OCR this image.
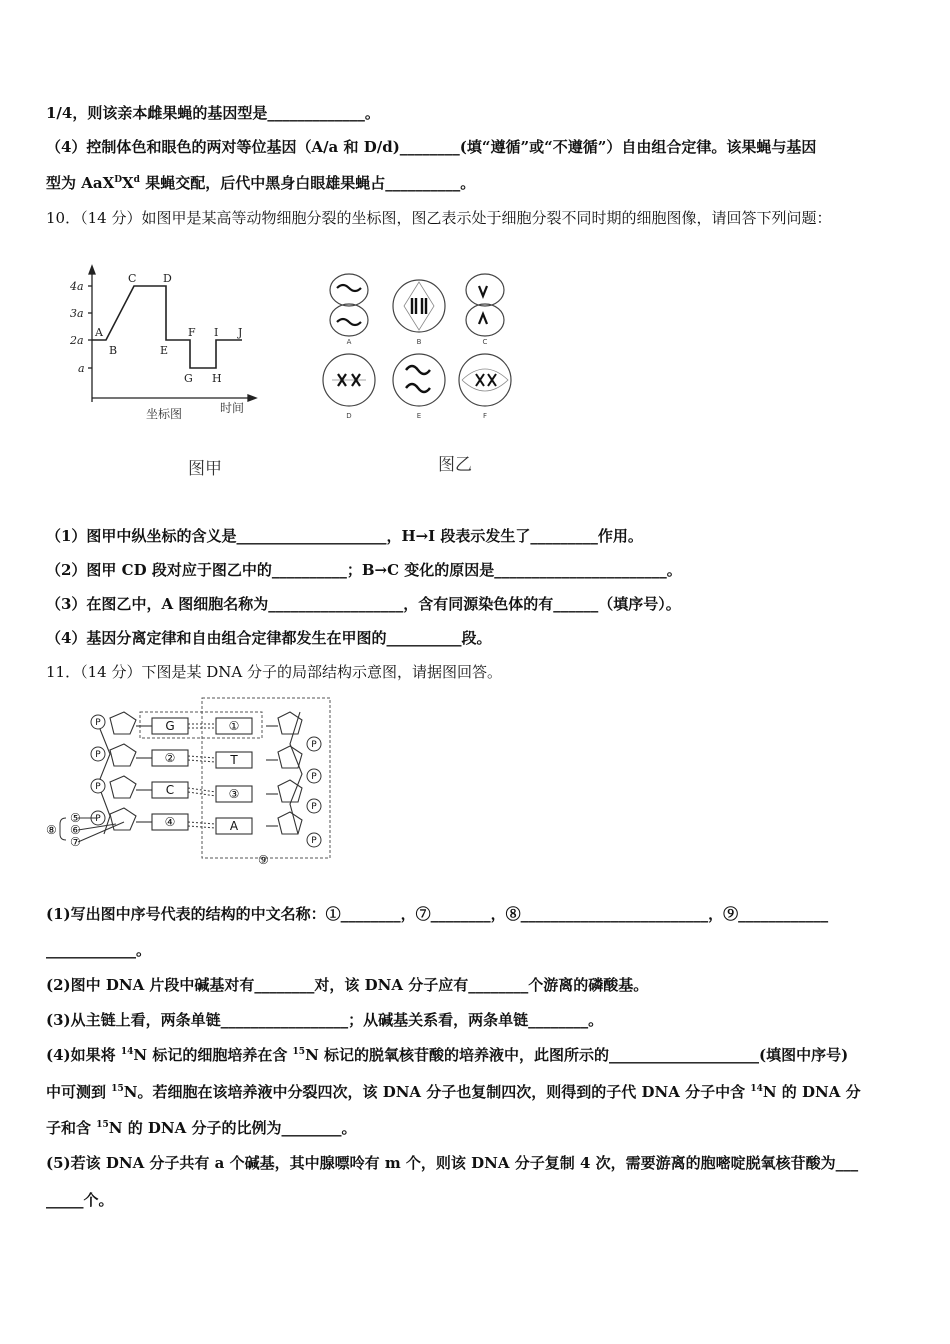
1/4，则该亲本雌果蝇的基因型是_____________。
（4）控制体色和眼色的两对等位基因（A/a 和 D/d)________(填“遵循”或“不遵循”）自由组合定律。该果蝇与基因
型为 $AaX^DX^d$ 果蝇交配，后代中黑身白眼雄果蝇占__________。
10．（14 分）如图甲是某高等动物细胞分裂的坐标图，图乙表示处于细胞分裂不同时期的细胞图像，请回答下列问题：
4a
3a
2a
a
A
B
C D
E
F
G H
I J
坐标图	时间
图甲
A	B	C
D	E	F
图乙
（1）图甲中纵坐标的含义是____________________，H→I 段表示发生了_________作用。
（2）图甲 CD 段对应于图乙中的__________；B→C 变化的原因是_______________________。
（3）在图乙中，A 图细胞名称为__________________，含有同源染色体的有______（填序号）。
（4）基因分离定律和自由组合定律都发生在甲图的__________段。
11．（14 分）下图是某 DNA 分子的局部结构示意图，请据图回答。
G
②
C
④
①
T
③
A
P
P
P
P
P
P
P
P
⑤
⑥
⑦
⑧
⑨
(1)写出图中序号代表的结构的中文名称：①________，⑦________，⑧_________________________，⑨____________
____________。
(2)图中 DNA 片段中碱基对有________对，该 DNA 分子应有________个游离的磷酸基。
(3)从主链上看，两条单链_________________；从碱基关系看，两条单链________。
(4)如果将 $^{14}$N 标记的细胞培养在含 $^{15}$N 标记的脱氧核苷酸的培养液中，此图所示的____________________(填图中序号)
中可测到 $^{15}$N。若细胞在该培养液中分裂四次，该 DNA 分子也复制四次，则得到的子代 DNA 分子中含 $^{14}$N 的 DNA 分
子和含 $^{15}$N 的 DNA 分子的比例为________。
(5)若该 DNA 分子共有 a 个碱基，其中腺嘌呤有 m 个，则该 DNA 分子复制 4 次，需要游离的胞嘧啶脱氧核苷酸为___
_____个。
